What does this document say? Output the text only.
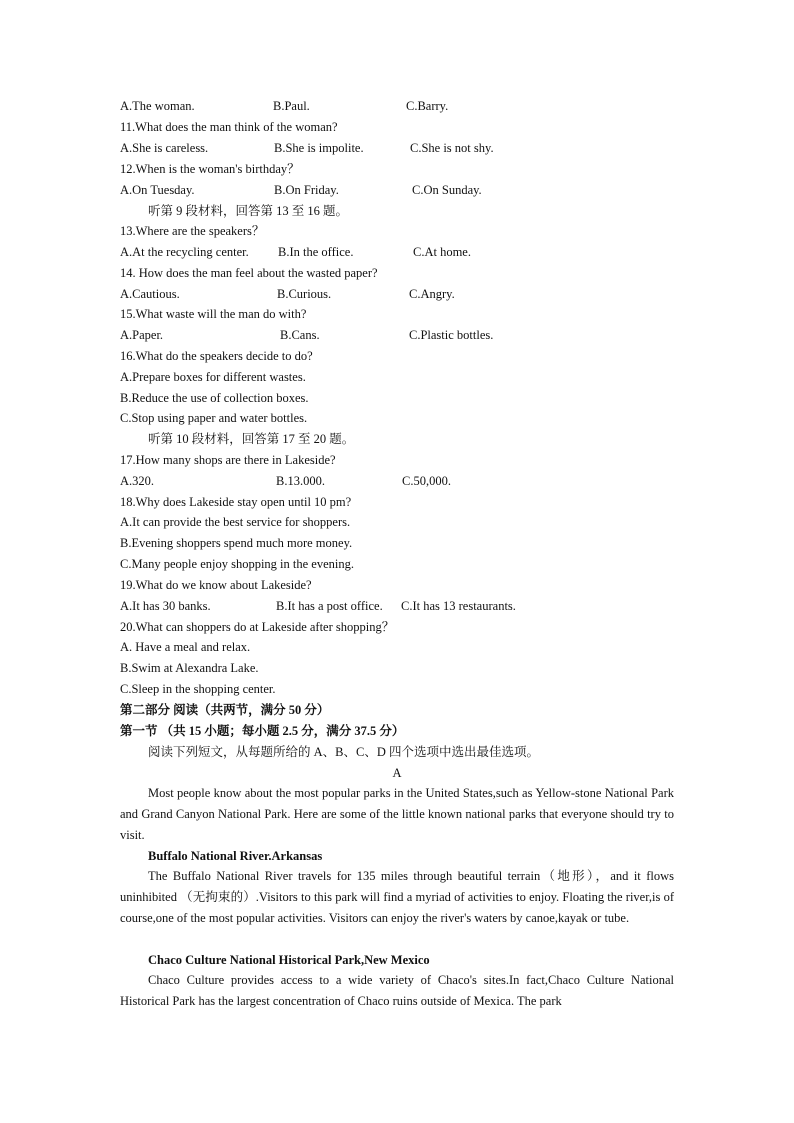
A.The woman.	B.Paul.	C.Barry.
11.What does the man think of the woman?
A.She is careless.	B.She is impolite.	C.She is not shy.
12.When is the woman's birthday？
A.On Tuesday.	B.On Friday.	C.On Sunday.
听第 9 段材料，回答第 13 至 16 题。
13.Where are the speakers？
A.At the recycling center. B.In the office.	C.At home.
14. How does the man feel about the wasted paper?
A.Cautious.	B.Curious.	C.Angry.
15.What waste will the man do with?
A.Paper.	B.Cans.	C.Plastic bottles.
16.What do the speakers decide to do?
A.Prepare boxes for different wastes.
B.Reduce the use of collection boxes.
C.Stop using paper and water bottles.
听第 10 段材料，回答第 17 至 20 题。
17.How many shops are there in Lakeside?
A.320.	B.13.000.	C.50,000.
18.Why does Lakeside stay open until 10 pm?
A.It can provide the best service for shoppers.
B.Evening shoppers spend much more money.
C.Many people enjoy shopping in the evening.
19.What do we know about Lakeside?
A.It has 30 banks.	B.It has a post office. C.It has 13 restaurants.
20.What can shoppers do at Lakeside after shopping？
A. Have a meal and relax.
B.Swim at Alexandra Lake.
C.Sleep in the shopping center.
第二部分 阅读（共两节，满分 50 分）
第一节 （共 15 小题；每小题 2.5 分，满分 37.5 分）
阅读下列短文，从每题所给的 A、B、C、D 四个选项中选出最佳选项。
A
Most people know about the most popular parks in the United States,such as Yellow-stone National Park and Grand Canyon National Park. Here are some of the little known national parks that everyone should try to visit.
Buffalo National River.Arkansas
The Buffalo National River travels for 135 miles through beautiful terrain（地形），and it flows uninhibited （无拘束的）.Visitors to this park will find a myriad of activities to enjoy. Floating the river,is of course,one of the most popular activities. Visitors can enjoy the river's waters by canoe,kayak or tube.
Chaco Culture National Historical Park,New Mexico
Chaco Culture provides access to a wide variety of Chaco's sites.In fact,Chaco Culture National Historical Park has the largest concentration of Chaco ruins outside of Mexica. The park
